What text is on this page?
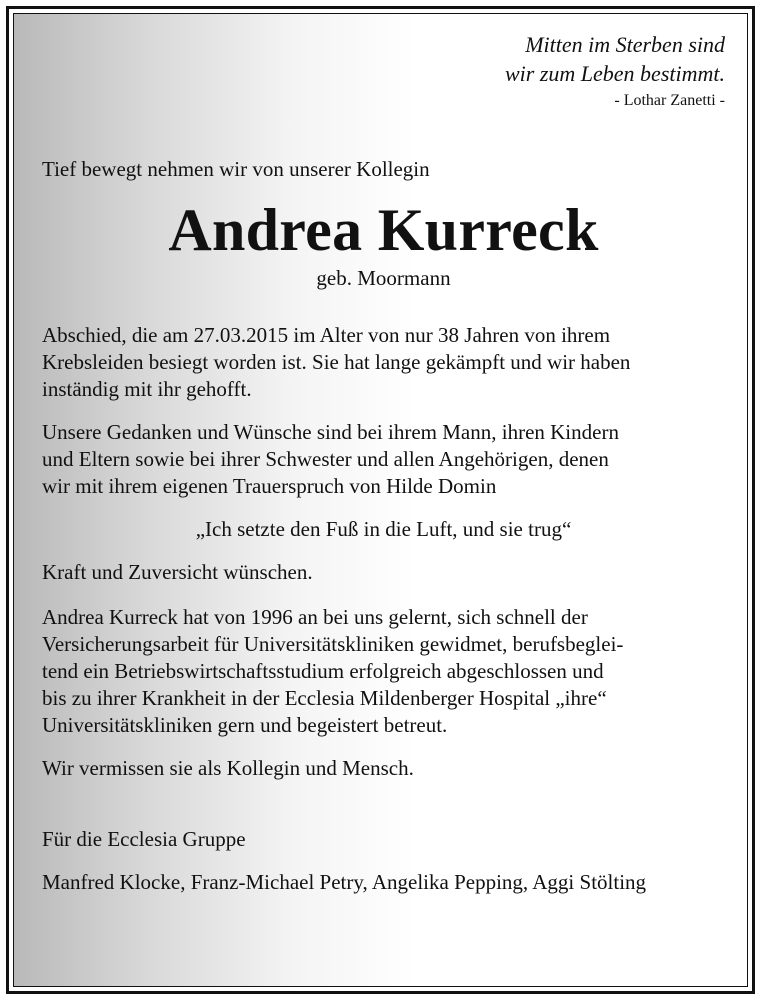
Mitten im Sterben sind
wir zum Leben bestimmt.
- Lothar Zanetti -
Tief bewegt nehmen wir von unserer Kollegin
Andrea Kurreck
geb. Moormann

Abschied, die am 27.03.2015 im Alter von nur 38 Jahren von ihrem
Krebsleiden besiegt worden ist. Sie hat lange gekämpft und wir haben
inständig mit ihr gehofft.

Unsere Gedanken und Wünsche sind bei ihrem Mann, ihren Kindern
und Eltern sowie bei ihrer Schwester und allen Angehörigen, denen
wir mit ihrem eigenen Trauerspruch von Hilde Domin

„Ich setzte den Fuß in die Luft, und sie trug“

Kraft und Zuversicht wünschen.

Andrea Kurreck hat von 1996 an bei uns gelernt, sich schnell der
Versicherungsarbeit für Universitätskliniken gewidmet, berufsbeglei-
tend ein Betriebswirtschaftsstudium erfolgreich abgeschlossen und
bis zu ihrer Krankheit in der Ecclesia Mildenberger Hospital „ihre“
Universitätskliniken gern und begeistert betreut.

Wir vermissen sie als Kollegin und Mensch.

Für die Ecclesia Gruppe

Manfred Klocke, Franz-Michael Petry, Angelika Pepping, Aggi Stölting
